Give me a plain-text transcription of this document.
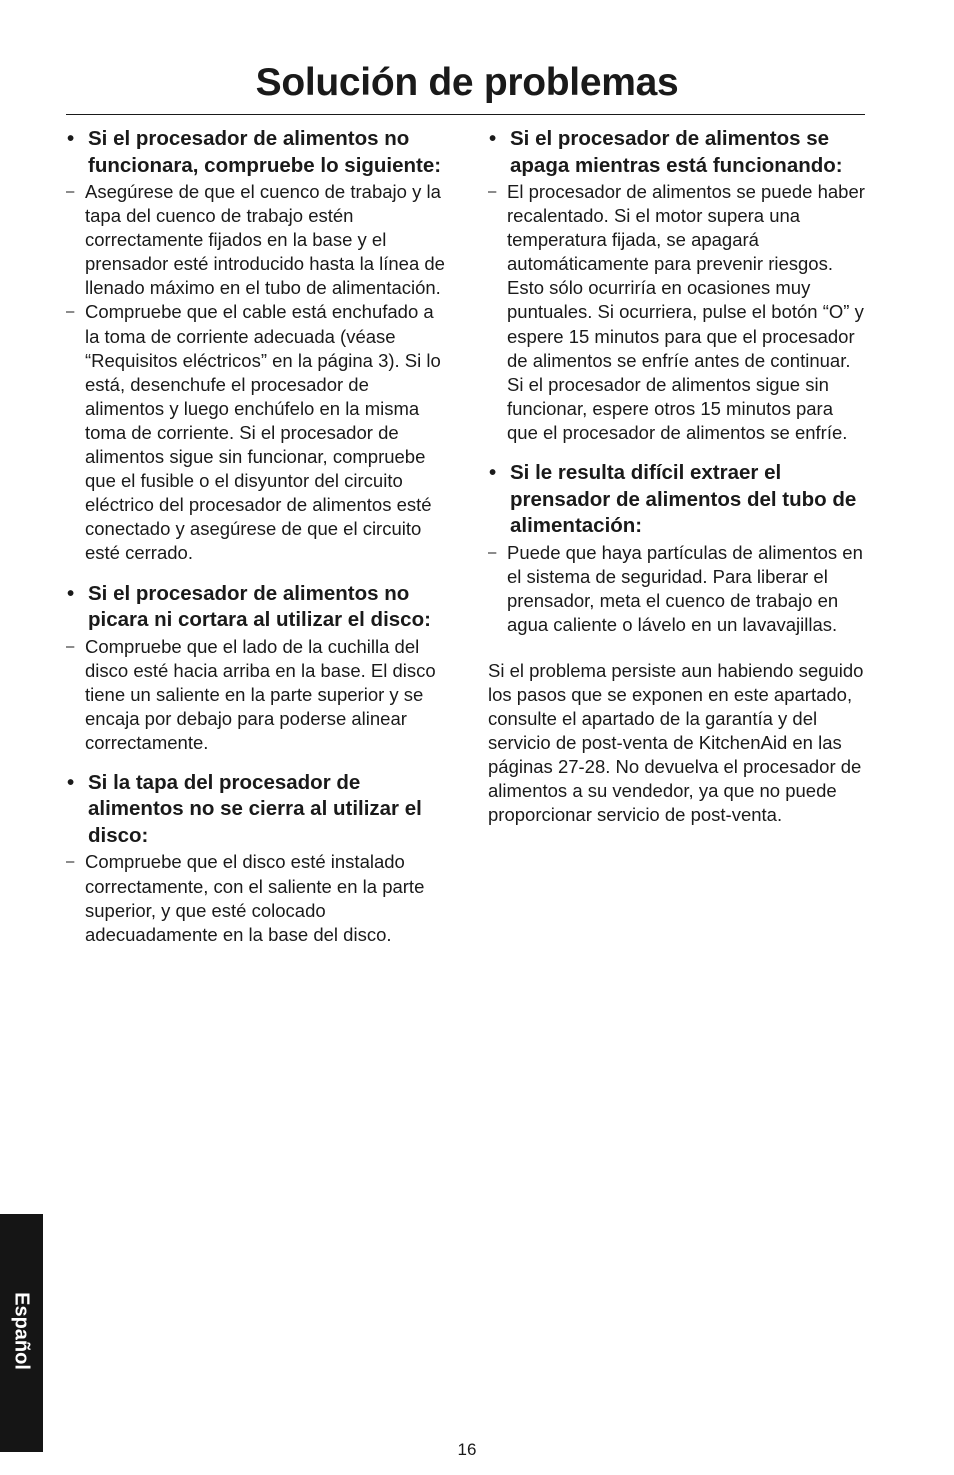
Solución de problemas
• Si el procesador de alimentos no funcionara, compruebe lo siguiente:

– Asegúrese de que el cuenco de trabajo y la tapa del cuenco de trabajo estén correctamente fijados en la base y el prensador esté introducido hasta la línea de llenado máximo en el tubo de alimentación.

– Compruebe que el cable está enchufado a la toma de corriente adecuada (véase “Requisitos eléctricos” en la página 3). Si lo está, desenchufe el procesador de alimentos y luego enchúfelo en la misma toma de corriente. Si el procesador de alimentos sigue sin funcionar, compruebe que el fusible o el disyuntor del circuito eléctrico del procesador de alimentos esté conectado y asegúrese de que el circuito esté cerrado.

• Si el procesador de alimentos no picara ni cortara al utilizar el disco:

– Compruebe que el lado de la cuchilla del disco esté hacia arriba en la base. El disco tiene un saliente en la parte superior y se encaja por debajo para poderse alinear correctamente.

• Si la tapa del procesador de alimentos no se cierra al utilizar el disco:

– Compruebe que el disco esté instalado correctamente, con el saliente en la parte superior, y que esté colocado adecuadamente en la base del disco.

• Si el procesador de alimentos se apaga mientras está funcionando:

– El procesador de alimentos se puede haber recalentado. Si el motor supera una temperatura fijada, se apagará automáticamente para prevenir riesgos. Esto sólo ocurriría en ocasiones muy puntuales. Si ocurriera, pulse el botón “O” y espere 15 minutos para que el procesador de alimentos se enfríe antes de continuar. Si el procesador de alimentos sigue sin funcionar, espere otros 15 minutos para que el procesador de alimentos se enfríe.

• Si le resulta difícil extraer el prensador de alimentos del tubo de alimentación:

– Puede que haya partículas de alimentos en el sistema de seguridad. Para liberar el prensador, meta el cuenco de trabajo en agua caliente o lávelo en un lavavajillas.

Si el problema persiste aun habiendo seguido los pasos que se exponen en este apartado, consulte el apartado de la garantía y del servicio de post-venta de KitchenAid en las páginas 27-28. No devuelva el procesador de alimentos a su vendedor, ya que no puede proporcionar servicio de post-venta.

Español
16
